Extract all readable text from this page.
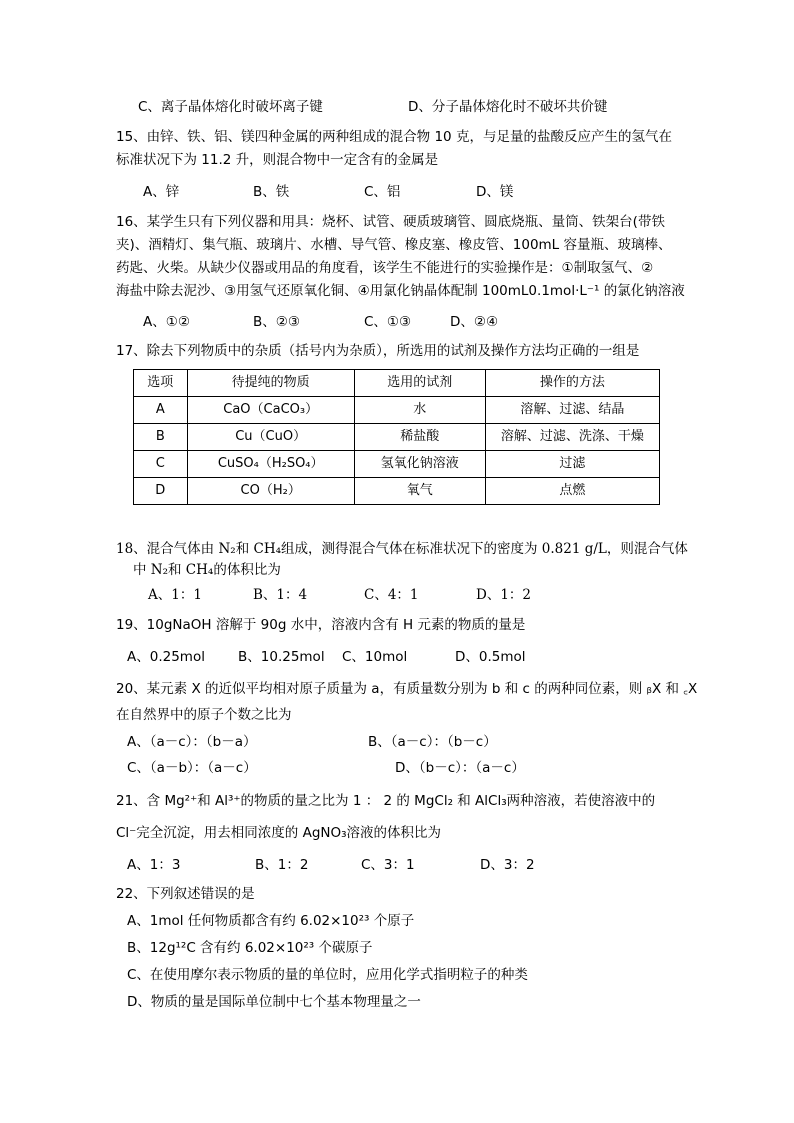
C、离子晶体熔化时破坏离子键	D、分子晶体熔化时不破坏共价键
15、由锌、铁、铝、镁四种金属的两种组成的混合物 10 克，与足量的盐酸反应产生的氢气在
标准状况下为 11.2 升，则混合物中一定含有的金属是
A、锌	B、铁	C、铝	D、镁
16、某学生只有下列仪器和用具：烧杯、试管、硬质玻璃管、圆底烧瓶、量筒、铁架台(带铁
夹)、酒精灯、集气瓶、玻璃片、水槽、导气管、橡皮塞、橡皮管、100mL 容量瓶、玻璃棒、
药匙、火柴。从缺少仪器或用品的角度看，该学生不能进行的实验操作是：①制取氢气、②
海盐中除去泥沙、③用氢气还原氧化铜、④用氯化钠晶体配制 100mL0.1mol·L⁻¹ 的氯化钠溶液
A、①②	B、②③	C、①③	D、②④
17、除去下列物质中的杂质（括号内为杂质），所选用的试剂及操作方法均正确的一组是
选项	待提纯的物质	选用的试剂	操作的方法
A	CaO（CaCO₃）	水	溶解、过滤、结晶
B	Cu（CuO）	稀盐酸	溶解、过滤、洗涤、干燥
C	CuSO₄（H₂SO₄）	氢氧化钠溶液	过滤
D	CO（H₂）	氧气	点燃
18、混合气体由 N₂和 CH₄组成，测得混合气体在标准状况下的密度为 0.821 g/L，则混合气体
中 N₂和 CH₄的体积比为
A、1：1	B、1：4	C、4：1	D、1：2
19、10gNaOH 溶解于 90g 水中，溶液内含有 H 元素的物质的量是
A、0.25mol B、10.25mol C、10mol	D、0.5mol
20、某元素 X 的近似平均相对原子质量为 a，有质量数分别为 b 和 c 的两种同位素，则 ᵦX 和 ꜀X
在自然界中的原子个数之比为
A、（a－c）：（b－a）	B、（a－c）：（b－c）
C、（a－b）：（a－c）	D、（b－c）：（a－c）
21、含 Mg²⁺和 Al³⁺的物质的量之比为 1 ： 2 的 MgCl₂ 和 AlCl₃两种溶液，若使溶液中的
Cl⁻完全沉淀，用去相同浓度的 AgNO₃溶液的体积比为
A、1：3	B、1：2	C、3：1	D、3：2
22、下列叙述错误的是
A、1mol 任何物质都含有约 6.02×10²³ 个原子
B、12g¹²C 含有约 6.02×10²³ 个碳原子
C、在使用摩尔表示物质的量的单位时，应用化学式指明粒子的种类
D、物质的量是国际单位制中七个基本物理量之一
